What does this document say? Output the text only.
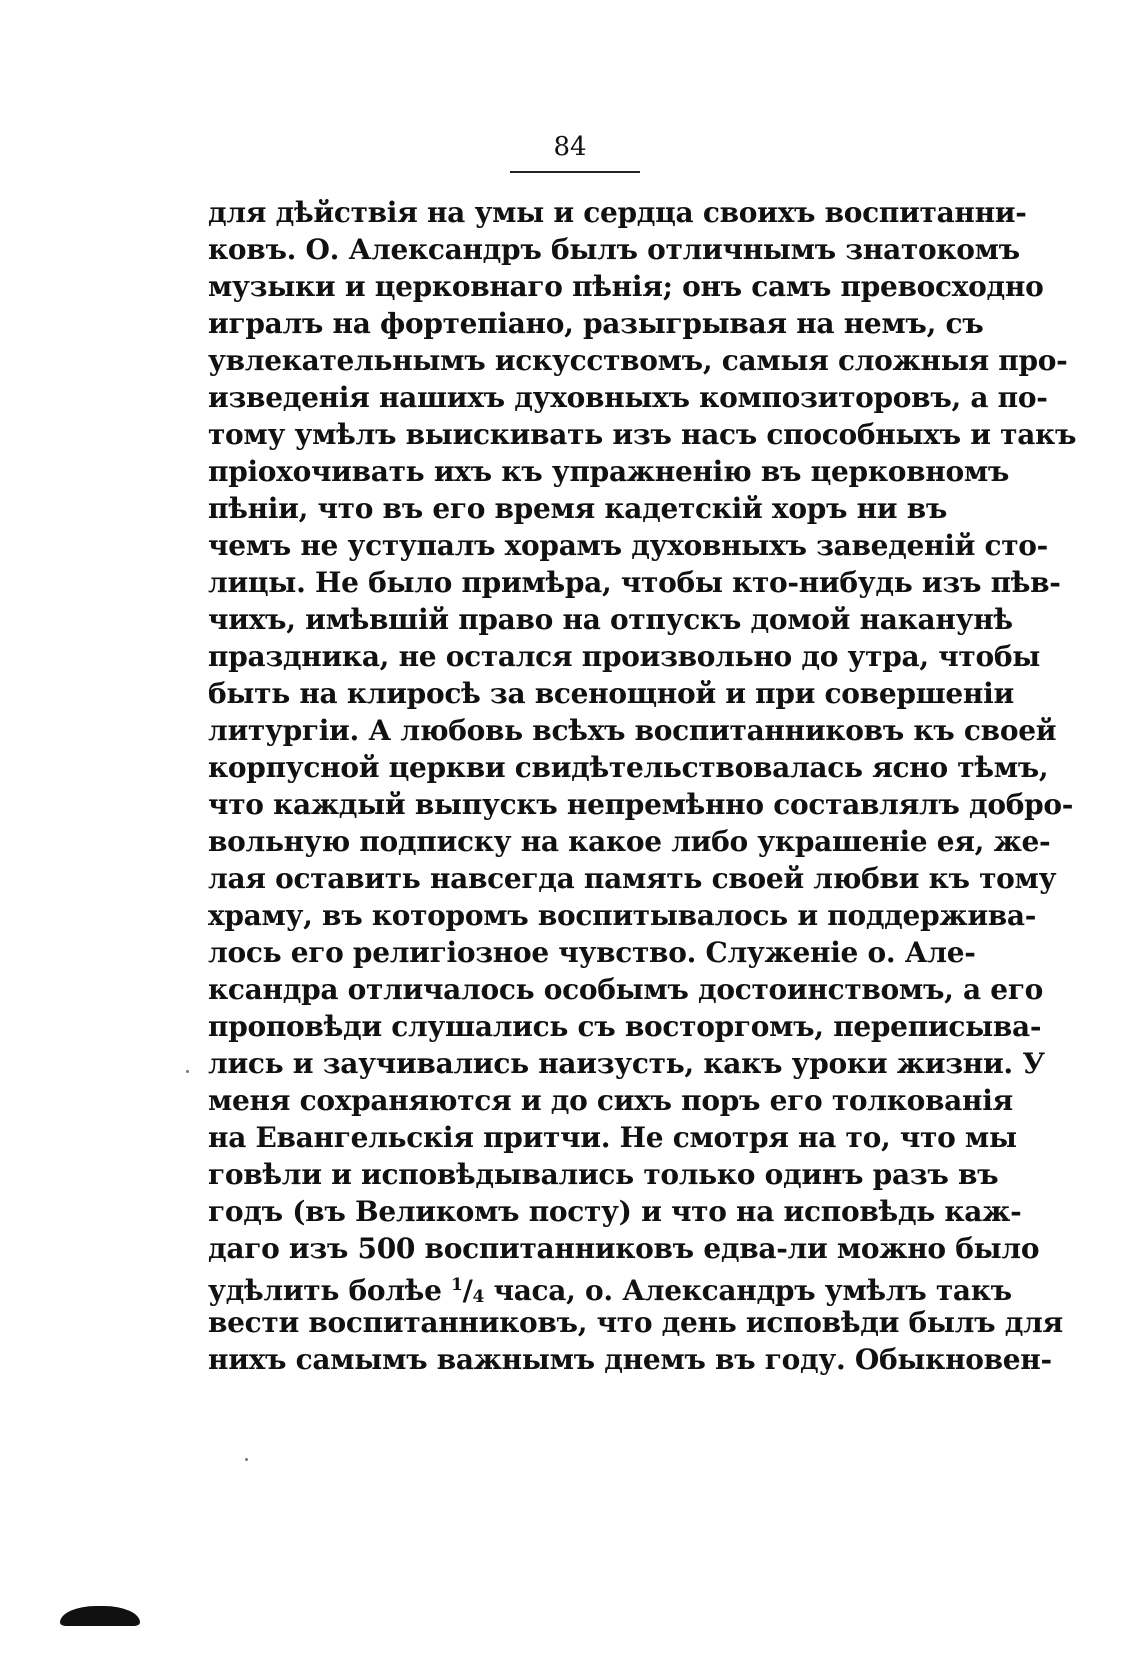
84
для дѣйствія на умы и сердца своихъ воспитанни-
ковъ. О. Александръ былъ отличнымъ знатокомъ
музыки и церковнаго пѣнія; онъ самъ превосходно
игралъ на фортепіано, разыгрывая на немъ, съ
увлекательнымъ искусствомъ, самыя сложныя про-
изведенія нашихъ духовныхъ композиторовъ, а по-
тому умѣлъ выискивать изъ насъ способныхъ и такъ
пріохочивать ихъ къ упражненію въ церковномъ
пѣніи, что въ его время кадетскій хоръ ни въ
чемъ не уступалъ хорамъ духовныхъ заведеній сто-
лицы. Не было примѣра, чтобы кто-нибудь изъ пѣв-
чихъ, имѣвшій право на отпускъ домой наканунѣ
праздника, не остался произвольно до утра, чтобы
быть на клиросѣ за всенощной и при совершеніи
литургіи. А любовь всѣхъ воспитанниковъ къ своей
корпусной церкви свидѣтельствовалась ясно тѣмъ,
что каждый выпускъ непремѣнно составлялъ добро-
вольную подписку на какое либо украшеніе ея, же-
лая оставить навсегда память своей любви къ тому
храму, въ которомъ воспитывалось и поддержива-
лось его религіозное чувство. Служеніе о. Але-
ксандра отличалось особымъ достоинствомъ, а его
проповѣди слушались съ восторгомъ, переписыва-
лись и заучивались наизусть, какъ уроки жизни. У
меня сохраняются и до сихъ поръ его толкованія
на Евангельскія притчи. Не смотря на то, что мы
говѣли и исповѣдывались только одинъ разъ въ
годъ (въ Великомъ посту) и что на исповѣдь каж-
даго изъ 500 воспитанниковъ едва-ли можно было
удѣлить болѣе $^1$/4 часа, о. Александръ умѣлъ такъ
вести воспитанниковъ, что день исповѣди былъ для
нихъ самымъ важнымъ днемъ въ году. Обыкновен-
